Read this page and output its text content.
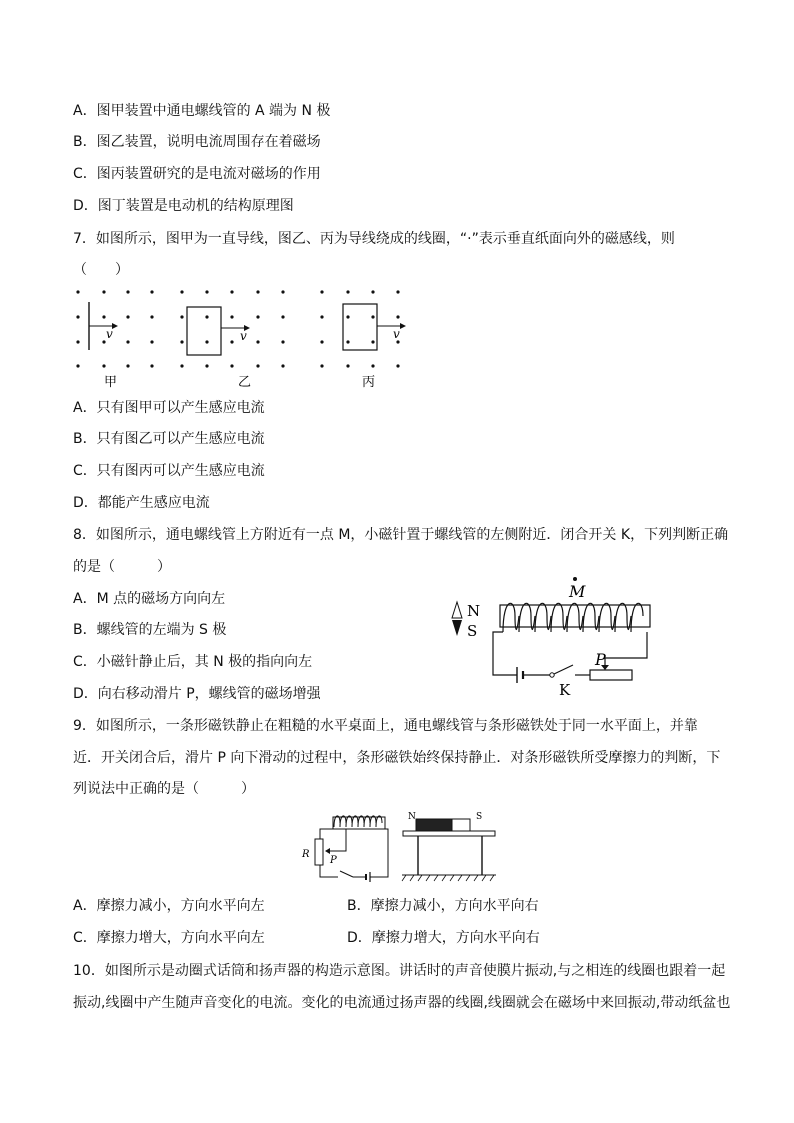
A．图甲装置中通电螺线管的 A 端为 N 极
B．图乙装置，说明电流周围存在着磁场
C．图丙装置研究的是电流对磁场的作用
D．图丁装置是电动机的结构原理图
7．如图所示，图甲为一直导线，图乙、丙为导线绕成的线圈，“·”表示垂直纸面向外的磁感线，则
（　　）
v
甲
v
乙
v
丙
A．只有图甲可以产生感应电流
B．只有图乙可以产生感应电流
C．只有图丙可以产生感应电流
D．都能产生感应电流
8．如图所示，通电螺线管上方附近有一点 M，小磁针置于螺线管的左侧附近．闭合开关 K，下列判断正确
的是（　　　）
A．M 点的磁场方向向左
B．螺线管的左端为 S 极
C．小磁针静止后，其 N 极的指向向左
D．向右移动滑片 P，螺线管的磁场增强
M
N
S
K
P
9．如图所示，一条形磁铁静止在粗糙的水平桌面上，通电螺线管与条形磁铁处于同一水平面上，并靠
近．开关闭合后，滑片 P 向下滑动的过程中，条形磁铁始终保持静止．对条形磁铁所受摩擦力的判断，下
列说法中正确的是（　　　）
R
P
N	S
A．摩擦力减小，方向水平向左	B．摩擦力减小，方向水平向右
C．摩擦力增大，方向水平向左	D．摩擦力增大，方向水平向右
10．如图所示是动圈式话筒和扬声器的构造示意图。讲话时的声音使膜片振动,与之相连的线圈也跟着一起
振动,线圈中产生随声音变化的电流。变化的电流通过扬声器的线圈,线圈就会在磁场中来回振动,带动纸盆也
